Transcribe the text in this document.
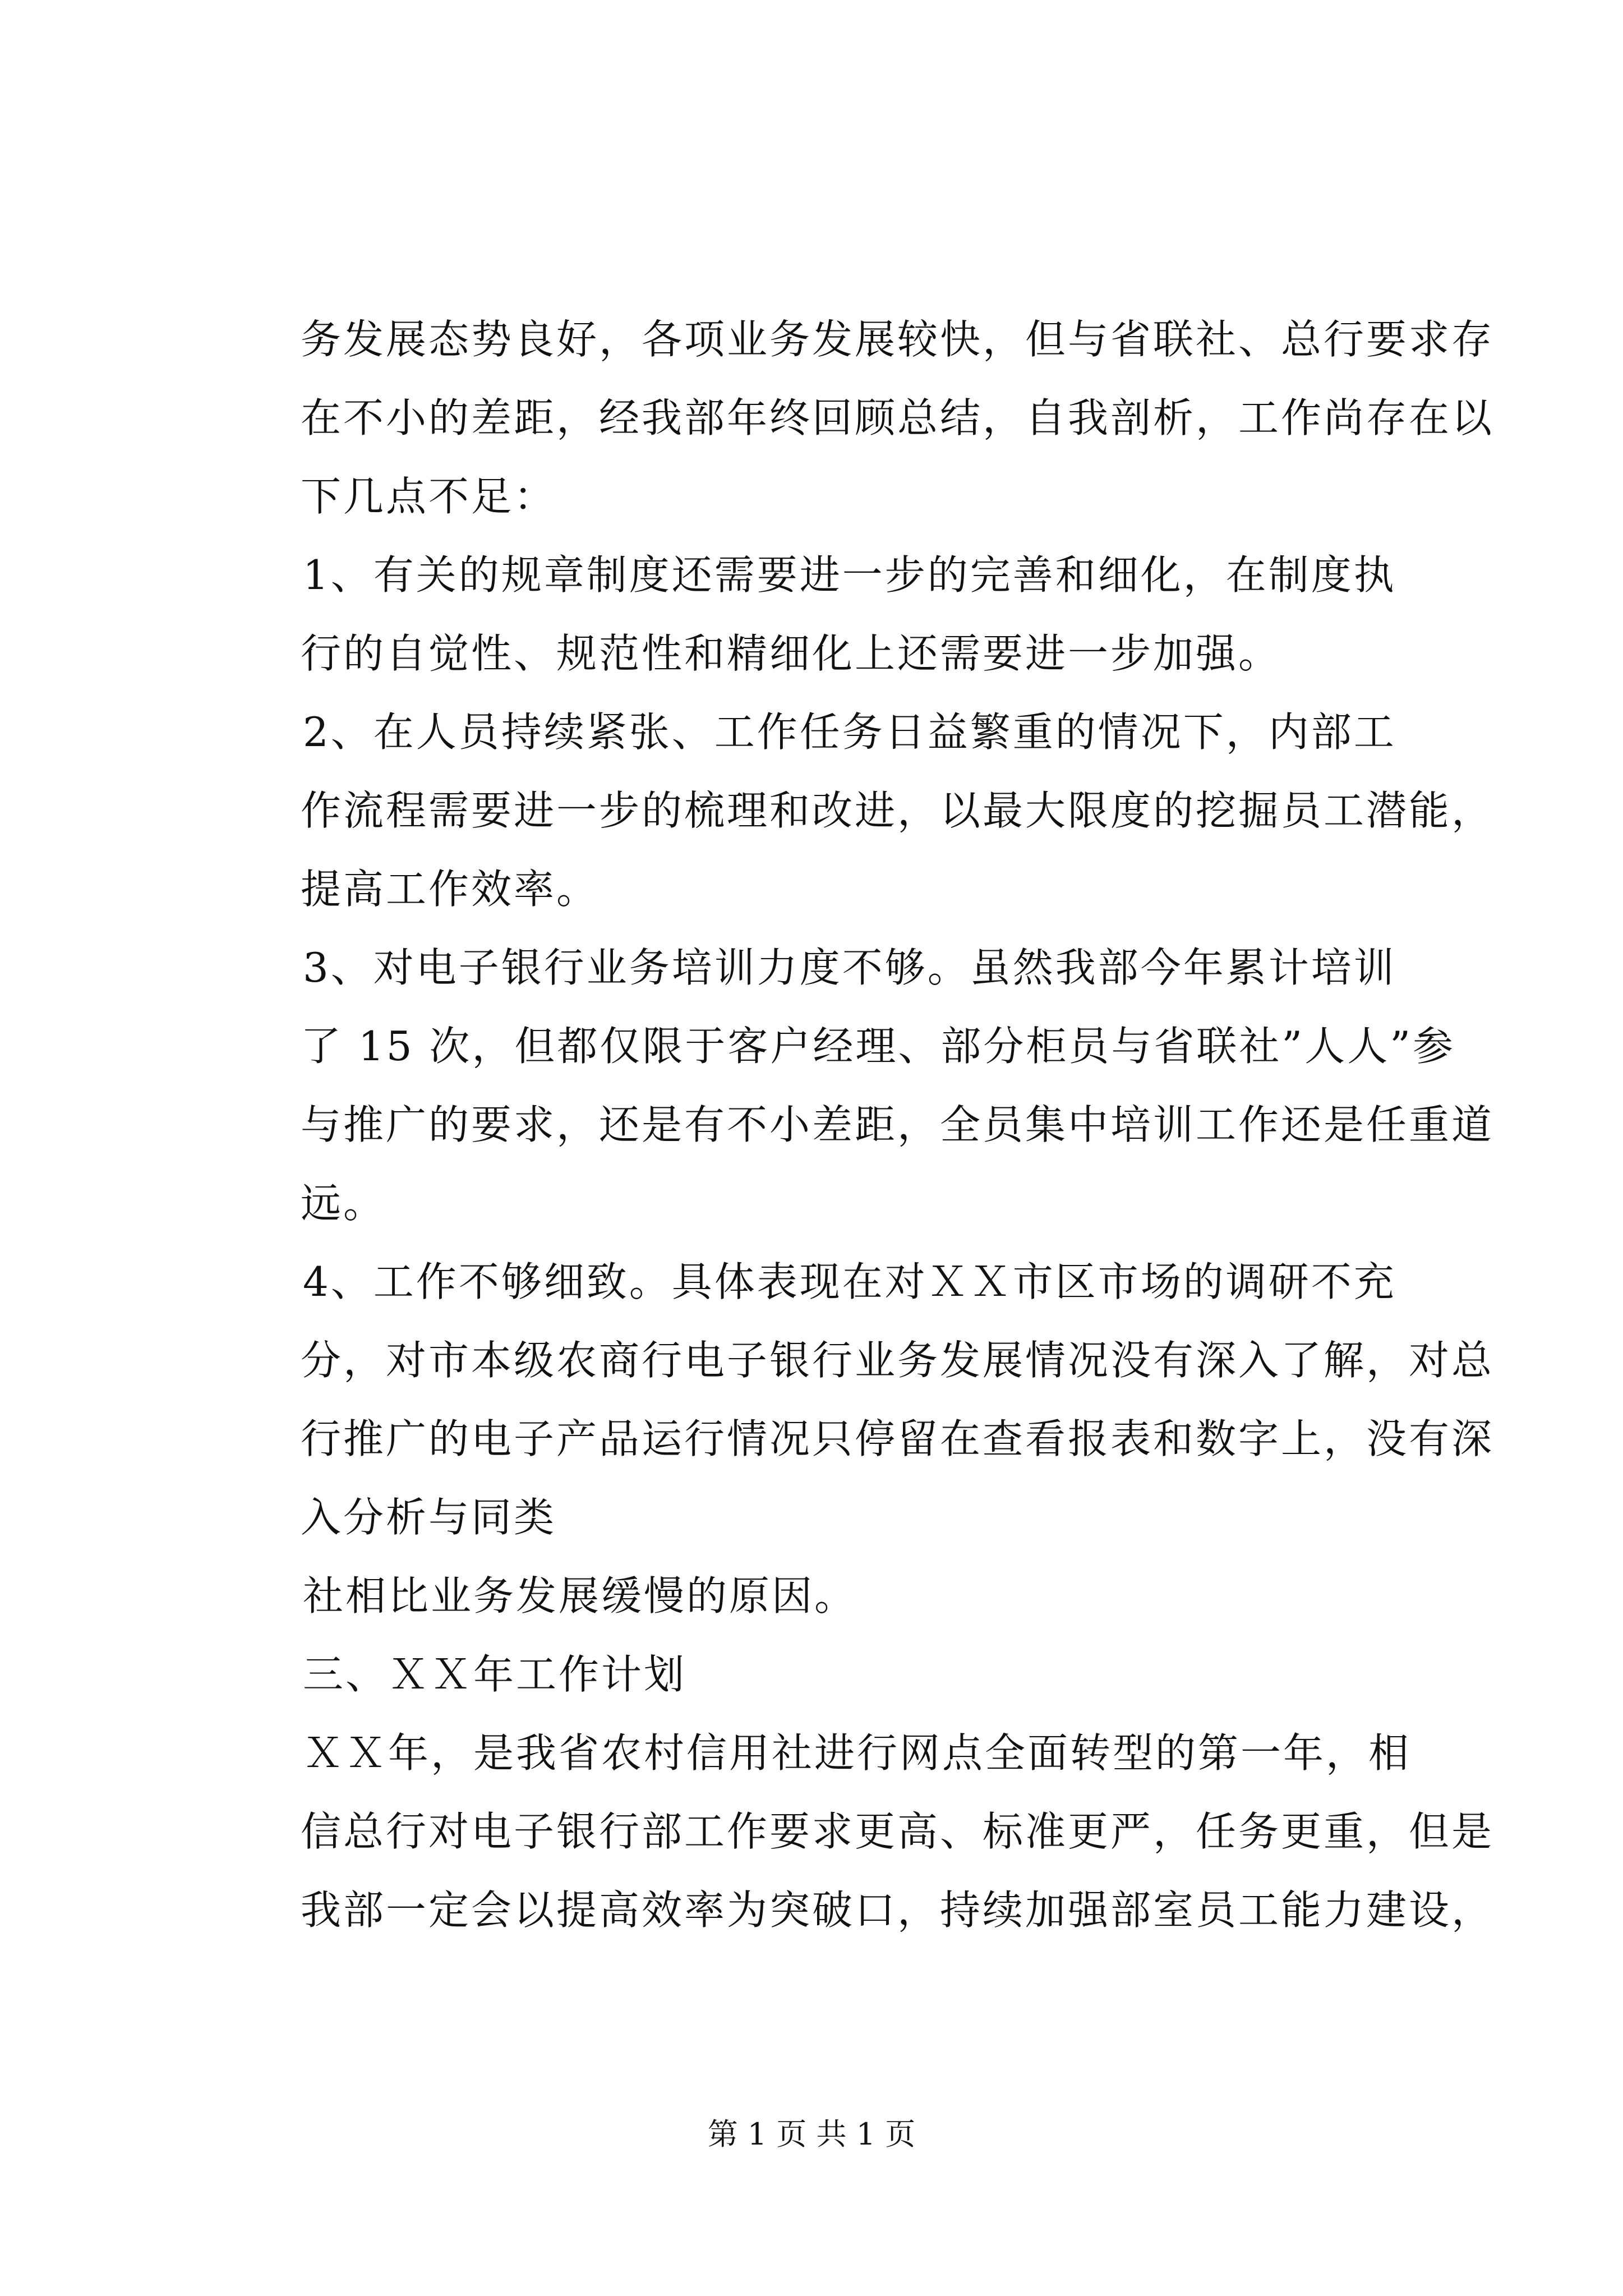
务发展态势良好，各项业务发展较快，但与省联社、总行要求存
在不小的差距，经我部年终回顾总结，自我剖析，工作尚存在以
下几点不足：
1、有关的规章制度还需要进一步的完善和细化，在制度执
行的自觉性、规范性和精细化上还需要进一步加强。
2、在人员持续紧张、工作任务日益繁重的情况下，内部工
作流程需要进一步的梳理和改进，以最大限度的挖掘员工潜能，
提高工作效率。
3、对电子银行业务培训力度不够。虽然我部今年累计培训
了 15 次，但都仅限于客户经理、部分柜员与省联社”人人”参
与推广的要求，还是有不小差距，全员集中培训工作还是任重道
远。
4、工作不够细致。具体表现在对ＸＸ市区市场的调研不充
分，对市本级农商行电子银行业务发展情况没有深入了解，对总
行推广的电子产品运行情况只停留在查看报表和数字上，没有深
入分析与同类
社相比业务发展缓慢的原因。
三、ＸＸ年工作计划
ＸＸ年，是我省农村信用社进行网点全面转型的第一年，相
信总行对电子银行部工作要求更高、标准更严，任务更重，但是
我部一定会以提高效率为突破口，持续加强部室员工能力建设，
第 1 页 共 1 页
